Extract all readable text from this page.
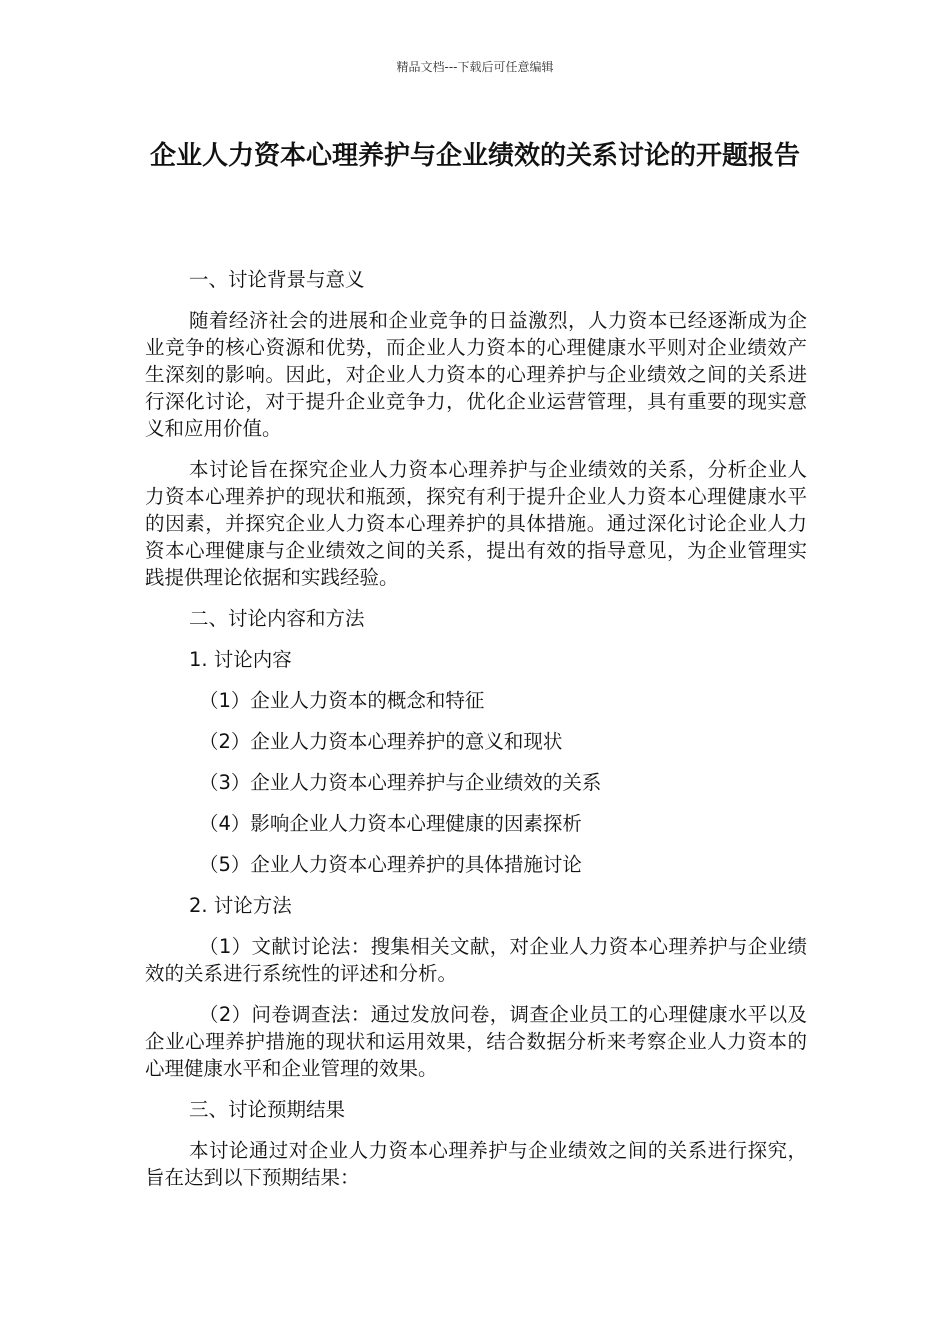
精品文档---下载后可任意编辑
企业人力资本心理养护与企业绩效的关系讨论的开题报告

一、讨论背景与意义

随着经济社会的进展和企业竞争的日益激烈，人力资本已经逐渐成为企业竞争的核心资源和优势，而企业人力资本的心理健康水平则对企业绩效产生深刻的影响。因此，对企业人力资本的心理养护与企业绩效之间的关系进行深化讨论，对于提升企业竞争力，优化企业运营管理，具有重要的现实意义和应用价值。

本讨论旨在探究企业人力资本心理养护与企业绩效的关系，分析企业人力资本心理养护的现状和瓶颈，探究有利于提升企业人力资本心理健康水平的因素，并探究企业人力资本心理养护的具体措施。通过深化讨论企业人力资本心理健康与企业绩效之间的关系，提出有效的指导意见，为企业管理实践提供理论依据和实践经验。

二、讨论内容和方法

1. 讨论内容

（1）企业人力资本的概念和特征

（2）企业人力资本心理养护的意义和现状

（3）企业人力资本心理养护与企业绩效的关系

（4）影响企业人力资本心理健康的因素探析

（5）企业人力资本心理养护的具体措施讨论

2. 讨论方法

（1）文献讨论法：搜集相关文献，对企业人力资本心理养护与企业绩效的关系进行系统性的评述和分析。

（2）问卷调查法：通过发放问卷，调查企业员工的心理健康水平以及企业心理养护措施的现状和运用效果，结合数据分析来考察企业人力资本的心理健康水平和企业管理的效果。

三、讨论预期结果

本讨论通过对企业人力资本心理养护与企业绩效之间的关系进行探究，旨在达到以下预期结果：
